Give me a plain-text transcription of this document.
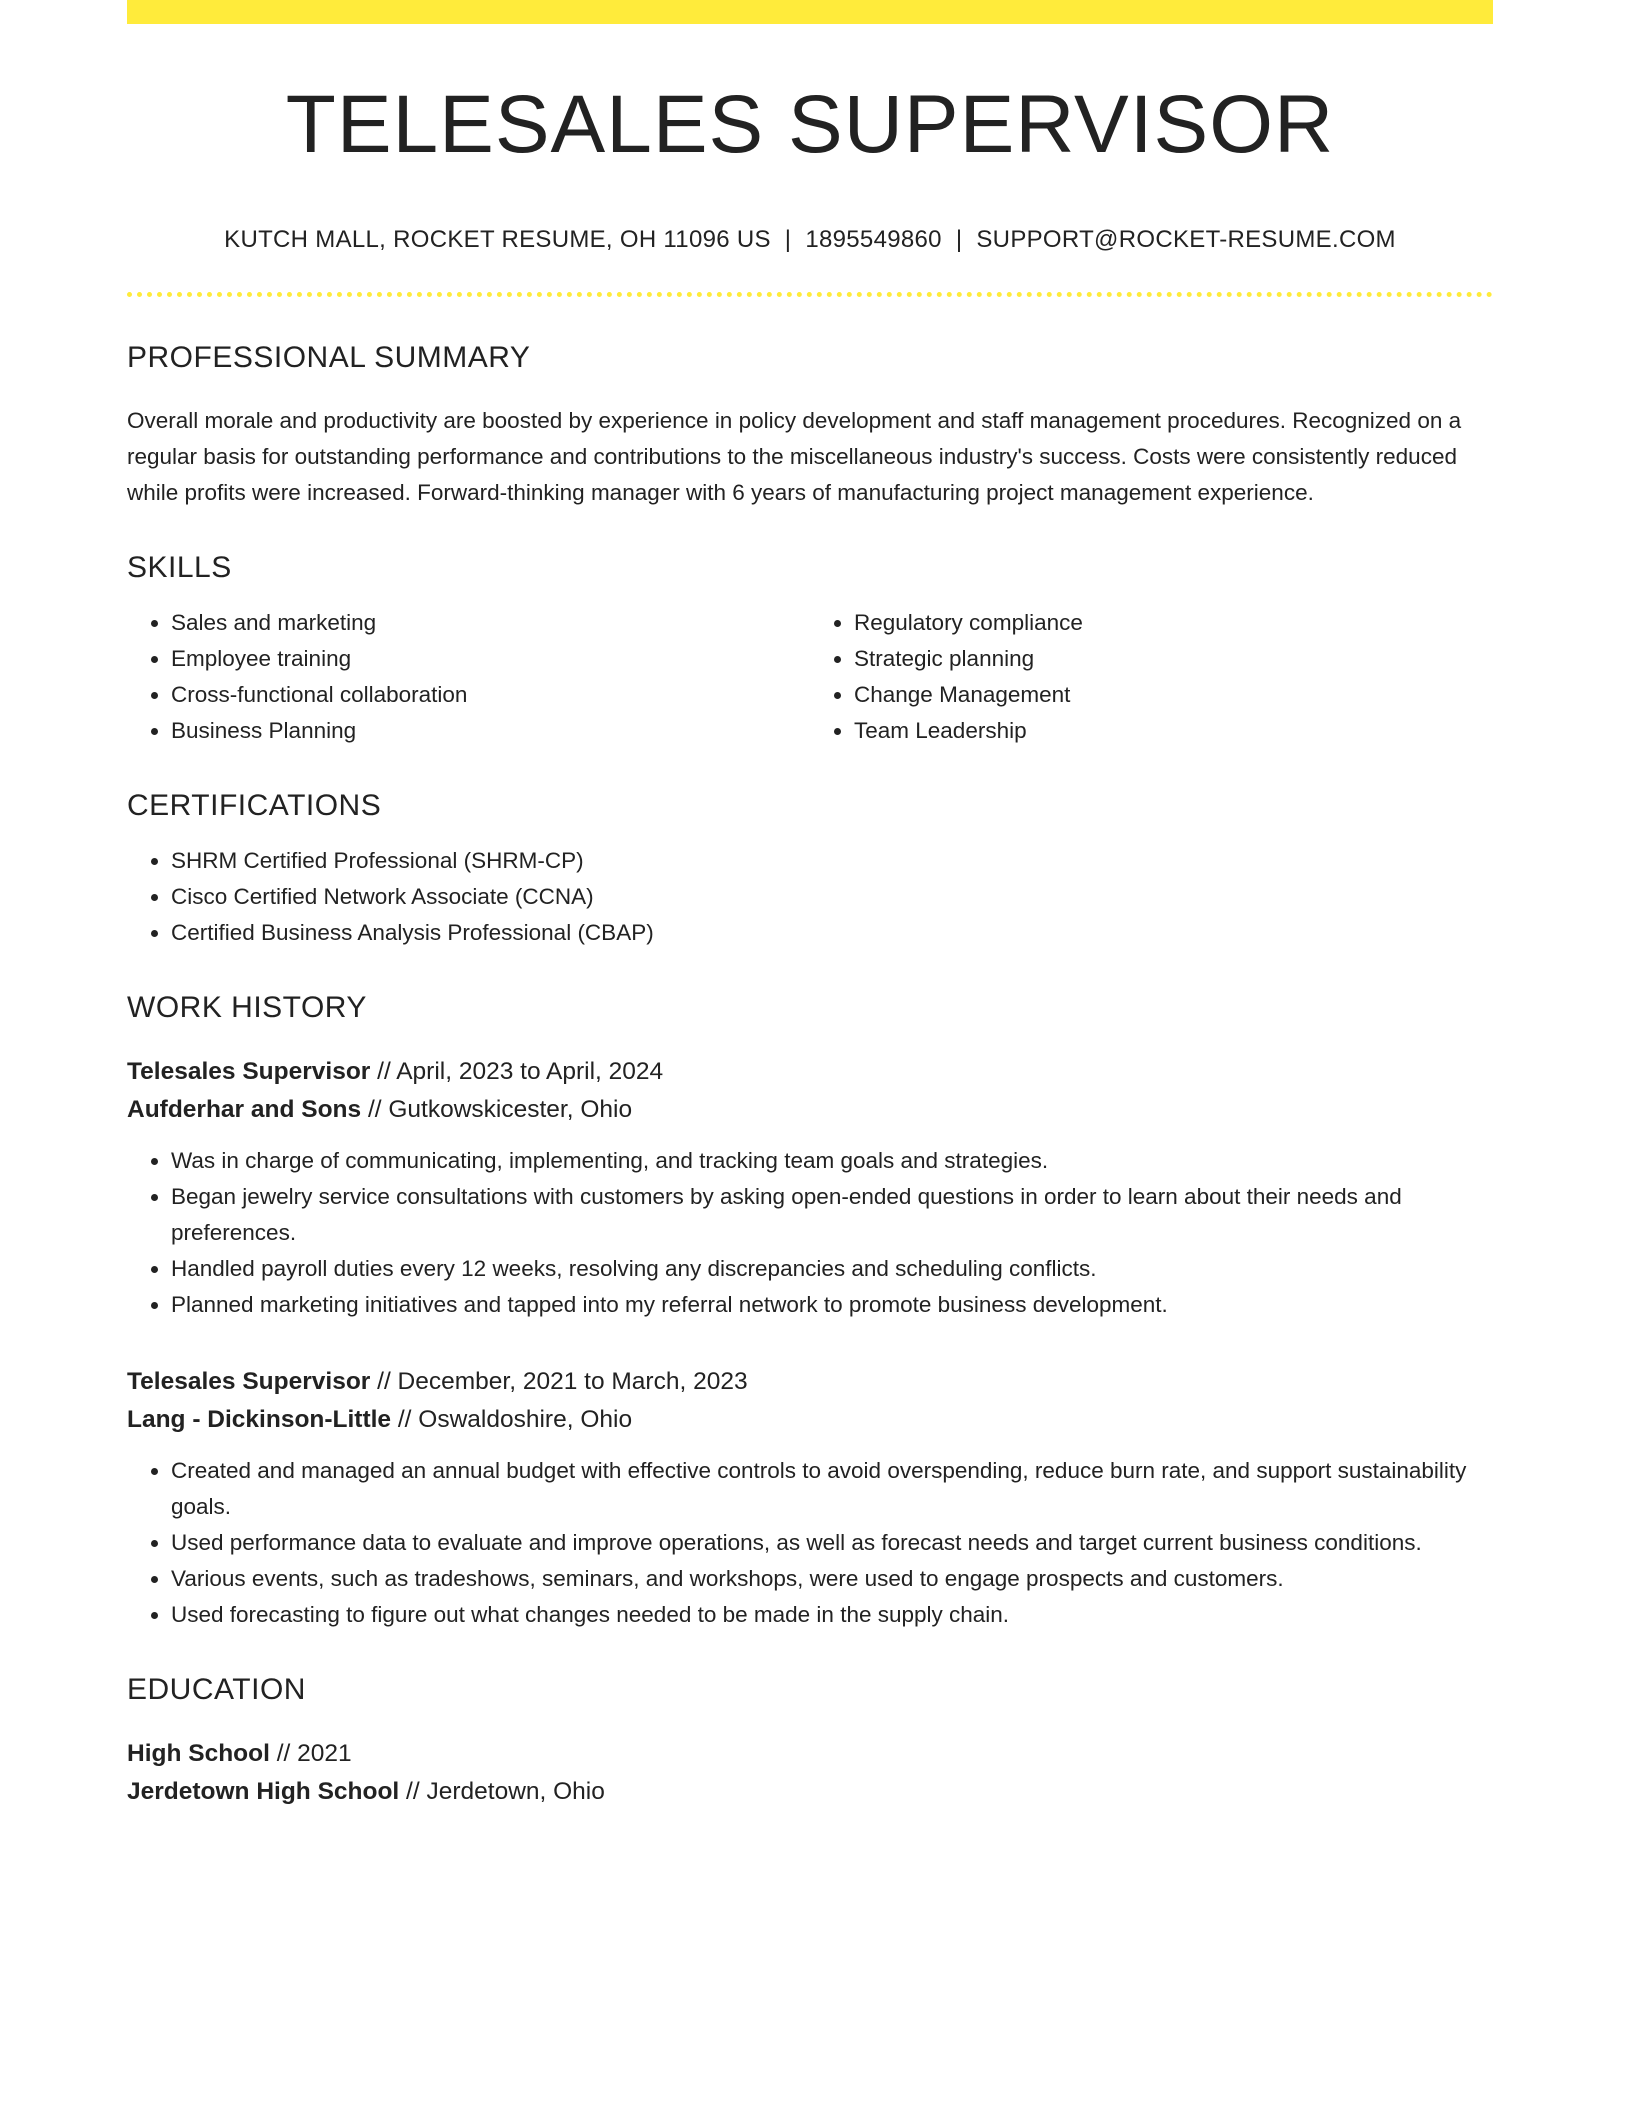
TELESALES SUPERVISOR
KUTCH MALL, ROCKET RESUME, OH 11096 US | 1895549860 | SUPPORT@ROCKET-RESUME.COM
PROFESSIONAL SUMMARY
Overall morale and productivity are boosted by experience in policy development and staff management procedures. Recognized on a regular basis for outstanding performance and contributions to the miscellaneous industry's success. Costs were consistently reduced while profits were increased. Forward-thinking manager with 6 years of manufacturing project management experience.
SKILLS
• Sales and marketing
• Employee training
• Cross-functional collaboration
• Business Planning
• Regulatory compliance
• Strategic planning
• Change Management
• Team Leadership
CERTIFICATIONS
• SHRM Certified Professional (SHRM-CP)
• Cisco Certified Network Associate (CCNA)
• Certified Business Analysis Professional (CBAP)
WORK HISTORY
Telesales Supervisor // April, 2023 to April, 2024
Aufderhar and Sons // Gutkowskicester, Ohio
• Was in charge of communicating, implementing, and tracking team goals and strategies.
• Began jewelry service consultations with customers by asking open-ended questions in order to learn about their needs and preferences.
• Handled payroll duties every 12 weeks, resolving any discrepancies and scheduling conflicts.
• Planned marketing initiatives and tapped into my referral network to promote business development.
Telesales Supervisor // December, 2021 to March, 2023
Lang - Dickinson-Little // Oswaldoshire, Ohio
• Created and managed an annual budget with effective controls to avoid overspending, reduce burn rate, and support sustainability goals.
• Used performance data to evaluate and improve operations, as well as forecast needs and target current business conditions.
• Various events, such as tradeshows, seminars, and workshops, were used to engage prospects and customers.
• Used forecasting to figure out what changes needed to be made in the supply chain.
EDUCATION
High School // 2021
Jerdetown High School // Jerdetown, Ohio
